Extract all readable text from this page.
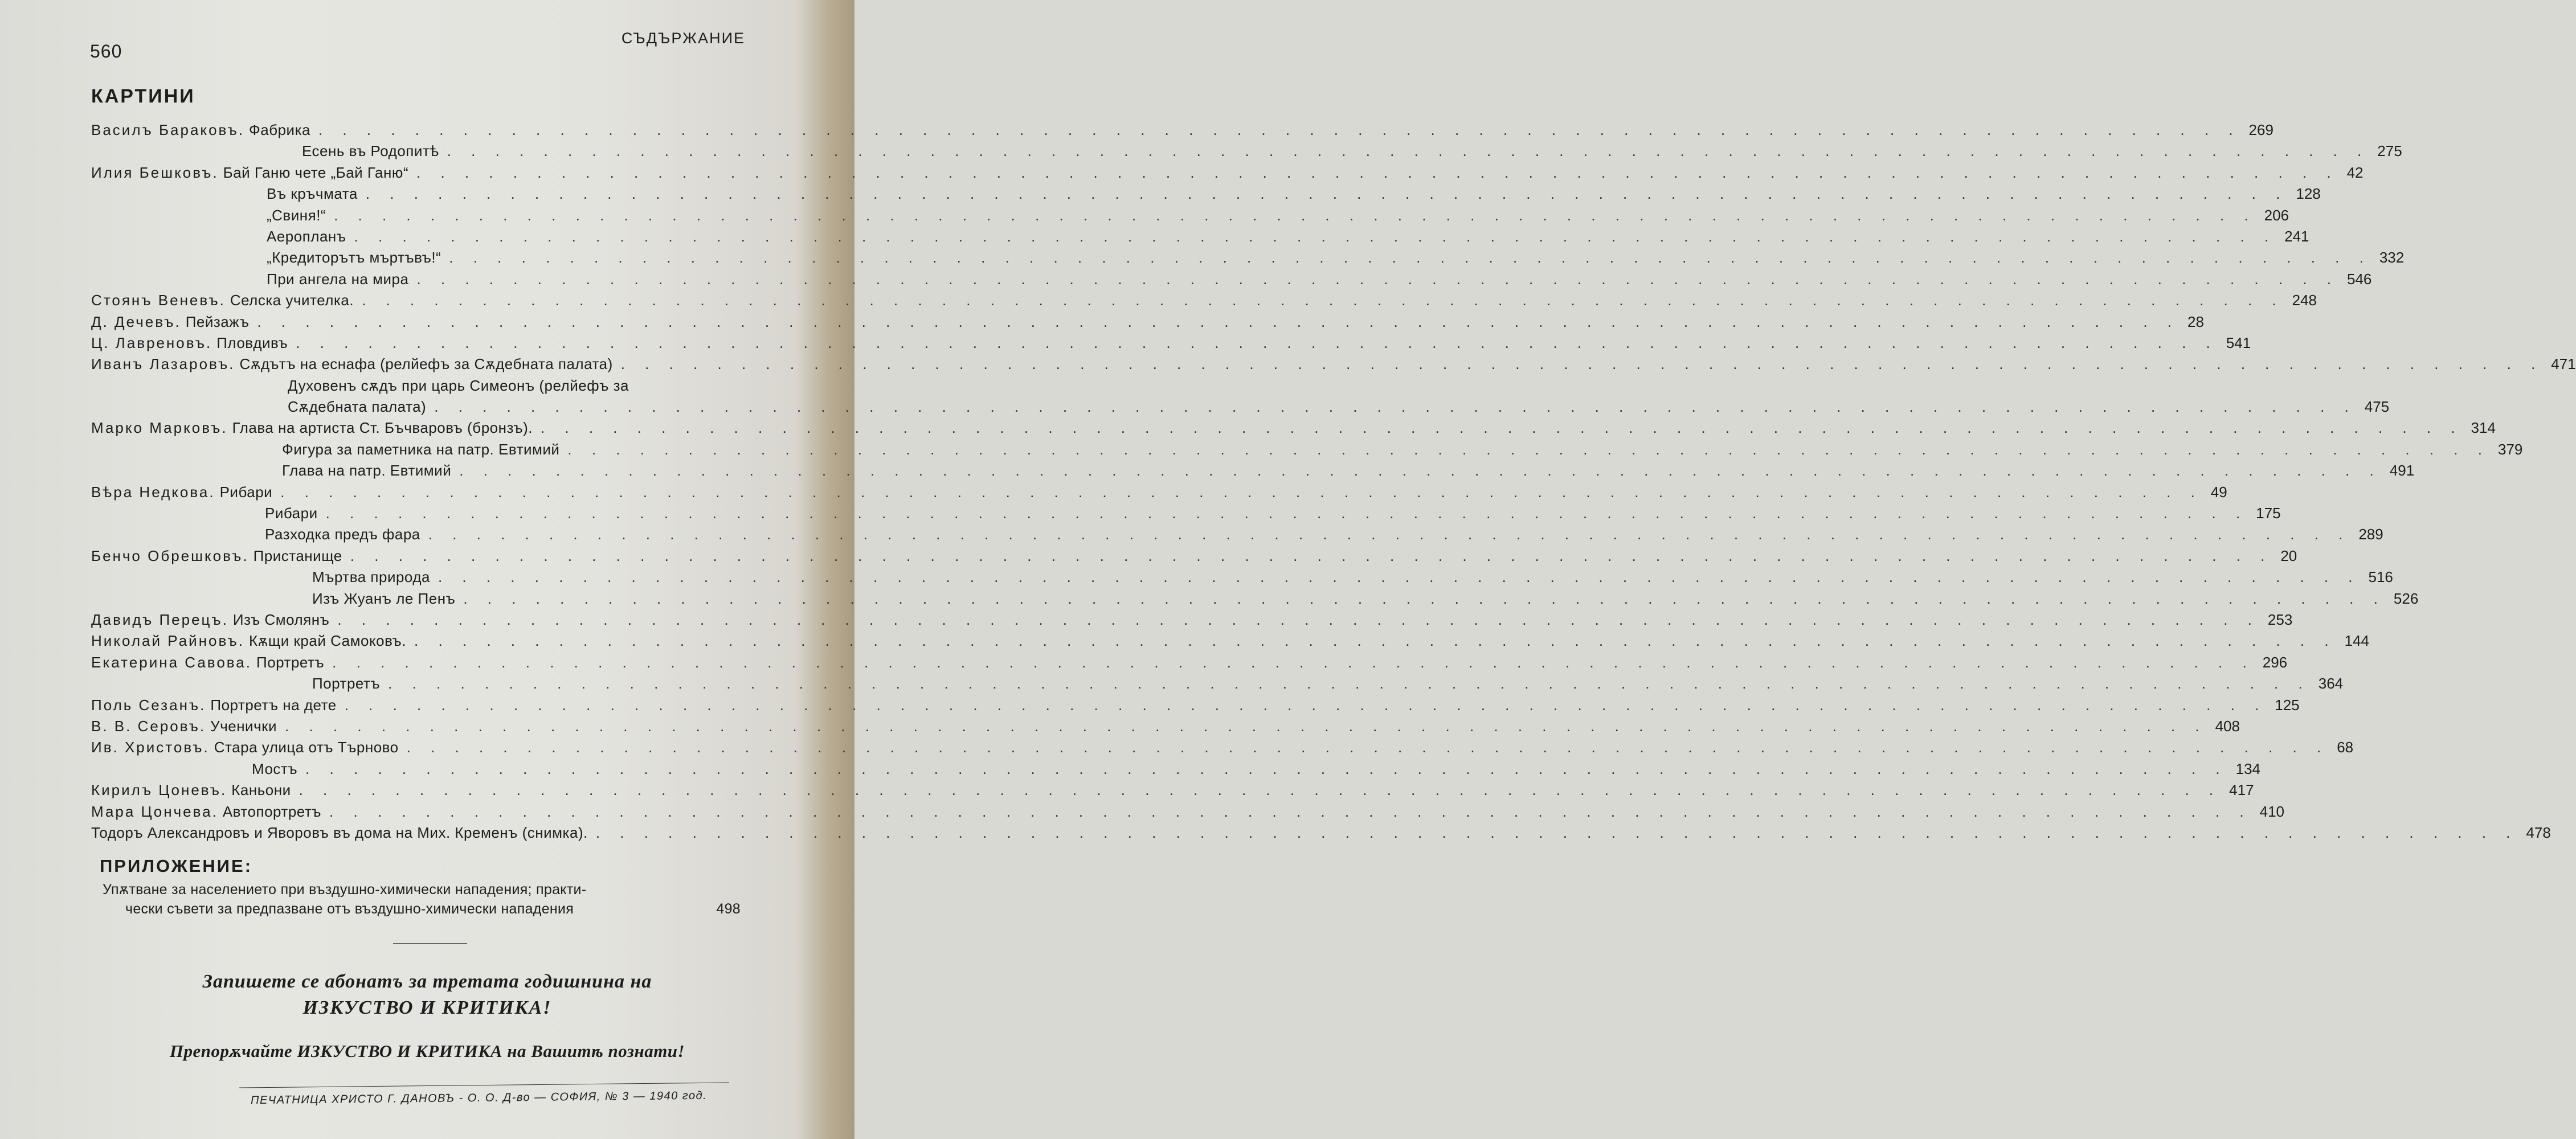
560
СЪДЪРЖАНИЕ
КАРТИНИ
Василъ Бараковъ. Фабрика . . . . . . . . . . . . . . . . . . . . . . . . . . . . . . . . . . . . . . . . . . . . . . . . . . . . . . . . . . . . . . . . . . . . . . . . . . . . . . . . 269
Есень въ Родопитѣ . . . . . . . . . . . . . . . . . . . . . . . . . . . . . . . . . . . . . . . . . . . . . . . . . . . . . . . . . . . . . . . . . . . . . . . . . . . . . . . . 275
Илия Бешковъ. Бай Ганю чете „Бай Ганю“ . . . . . . . . . . . . . . . . . . . . . . . . . . . . . . . . . . . . . . . . . . . . . . . . . . . . . . . . . . . . . . . . . . . . . . . . . . . . . . . . 42
Въ кръчмата . . . . . . . . . . . . . . . . . . . . . . . . . . . . . . . . . . . . . . . . . . . . . . . . . . . . . . . . . . . . . . . . . . . . . . . . . . . . . . . . 128
„Свиня!“ . . . . . . . . . . . . . . . . . . . . . . . . . . . . . . . . . . . . . . . . . . . . . . . . . . . . . . . . . . . . . . . . . . . . . . . . . . . . . . . . 206
Аеропланъ . . . . . . . . . . . . . . . . . . . . . . . . . . . . . . . . . . . . . . . . . . . . . . . . . . . . . . . . . . . . . . . . . . . . . . . . . . . . . . . . 241
„Кредиторътъ мъртъвъ!“ . . . . . . . . . . . . . . . . . . . . . . . . . . . . . . . . . . . . . . . . . . . . . . . . . . . . . . . . . . . . . . . . . . . . . . . . . . . . . . . . 332
При ангела на мира . . . . . . . . . . . . . . . . . . . . . . . . . . . . . . . . . . . . . . . . . . . . . . . . . . . . . . . . . . . . . . . . . . . . . . . . . . . . . . . . 546
Стоянъ Веневъ. Селска учителка. . . . . . . . . . . . . . . . . . . . . . . . . . . . . . . . . . . . . . . . . . . . . . . . . . . . . . . . . . . . . . . . . . . . . . . . . . . . . . . . . 248
Д. Дечевъ. Пейзажъ . . . . . . . . . . . . . . . . . . . . . . . . . . . . . . . . . . . . . . . . . . . . . . . . . . . . . . . . . . . . . . . . . . . . . . . . . . . . . . . . 28
Ц. Лавреновъ. Пловдивъ . . . . . . . . . . . . . . . . . . . . . . . . . . . . . . . . . . . . . . . . . . . . . . . . . . . . . . . . . . . . . . . . . . . . . . . . . . . . . . . . 541
Иванъ Лазаровъ. Сѫдътъ на еснафа (релйефъ за Сѫдебната палата) . . . . . . . . . . . . . . . . . . . . . . . . . . . . . . . . . . . . . . . . . . . . . . . . . . . . . . . . . . . . . . . . . . . . . . . . . . . . . . . . 471
Духовенъ сѫдъ при царь Симеонъ (релйефъ за
Сѫдебната палата) . . . . . . . . . . . . . . . . . . . . . . . . . . . . . . . . . . . . . . . . . . . . . . . . . . . . . . . . . . . . . . . . . . . . . . . . . . . . . . . . 475
Марко Марковъ. Глава на артиста Ст. Бъчваровъ (бронзъ). . . . . . . . . . . . . . . . . . . . . . . . . . . . . . . . . . . . . . . . . . . . . . . . . . . . . . . . . . . . . . . . . . . . . . . . . . . . . . . . . 314
Фигура за паметника на патр. Евтимий . . . . . . . . . . . . . . . . . . . . . . . . . . . . . . . . . . . . . . . . . . . . . . . . . . . . . . . . . . . . . . . . . . . . . . . . . . . . . . . . 379
Глава на патр. Евтимий . . . . . . . . . . . . . . . . . . . . . . . . . . . . . . . . . . . . . . . . . . . . . . . . . . . . . . . . . . . . . . . . . . . . . . . . . . . . . . . . 491
Вѣра Недкова. Рибари . . . . . . . . . . . . . . . . . . . . . . . . . . . . . . . . . . . . . . . . . . . . . . . . . . . . . . . . . . . . . . . . . . . . . . . . . . . . . . . . 49
Рибари . . . . . . . . . . . . . . . . . . . . . . . . . . . . . . . . . . . . . . . . . . . . . . . . . . . . . . . . . . . . . . . . . . . . . . . . . . . . . . . . 175
Разходка предъ фара . . . . . . . . . . . . . . . . . . . . . . . . . . . . . . . . . . . . . . . . . . . . . . . . . . . . . . . . . . . . . . . . . . . . . . . . . . . . . . . . 289
Бенчо Обрешковъ. Пристанище . . . . . . . . . . . . . . . . . . . . . . . . . . . . . . . . . . . . . . . . . . . . . . . . . . . . . . . . . . . . . . . . . . . . . . . . . . . . . . . . 20
Мъртва природа . . . . . . . . . . . . . . . . . . . . . . . . . . . . . . . . . . . . . . . . . . . . . . . . . . . . . . . . . . . . . . . . . . . . . . . . . . . . . . . . 516
Изъ Жуанъ ле Пенъ . . . . . . . . . . . . . . . . . . . . . . . . . . . . . . . . . . . . . . . . . . . . . . . . . . . . . . . . . . . . . . . . . . . . . . . . . . . . . . . . 526
Давидъ Перецъ. Изъ Смолянъ . . . . . . . . . . . . . . . . . . . . . . . . . . . . . . . . . . . . . . . . . . . . . . . . . . . . . . . . . . . . . . . . . . . . . . . . . . . . . . . . 253
Николай Райновъ. Кѫщи край Самоковъ. . . . . . . . . . . . . . . . . . . . . . . . . . . . . . . . . . . . . . . . . . . . . . . . . . . . . . . . . . . . . . . . . . . . . . . . . . . . . . . . . 144
Екатерина Савова. Портретъ . . . . . . . . . . . . . . . . . . . . . . . . . . . . . . . . . . . . . . . . . . . . . . . . . . . . . . . . . . . . . . . . . . . . . . . . . . . . . . . . 296
Портретъ . . . . . . . . . . . . . . . . . . . . . . . . . . . . . . . . . . . . . . . . . . . . . . . . . . . . . . . . . . . . . . . . . . . . . . . . . . . . . . . . 364
Поль Сезанъ. Портретъ на дете . . . . . . . . . . . . . . . . . . . . . . . . . . . . . . . . . . . . . . . . . . . . . . . . . . . . . . . . . . . . . . . . . . . . . . . . . . . . . . . . 125
В. В. Серовъ. Ученички . . . . . . . . . . . . . . . . . . . . . . . . . . . . . . . . . . . . . . . . . . . . . . . . . . . . . . . . . . . . . . . . . . . . . . . . . . . . . . . . 408
Ив. Христовъ. Стара улица отъ Търново . . . . . . . . . . . . . . . . . . . . . . . . . . . . . . . . . . . . . . . . . . . . . . . . . . . . . . . . . . . . . . . . . . . . . . . . . . . . . . . . 68
Мостъ . . . . . . . . . . . . . . . . . . . . . . . . . . . . . . . . . . . . . . . . . . . . . . . . . . . . . . . . . . . . . . . . . . . . . . . . . . . . . . . . 134
Кирилъ Цоневъ. Каньони . . . . . . . . . . . . . . . . . . . . . . . . . . . . . . . . . . . . . . . . . . . . . . . . . . . . . . . . . . . . . . . . . . . . . . . . . . . . . . . . 417
Мара Цончева. Автопортретъ . . . . . . . . . . . . . . . . . . . . . . . . . . . . . . . . . . . . . . . . . . . . . . . . . . . . . . . . . . . . . . . . . . . . . . . . . . . . . . . . 410
Тодоръ Александровъ и Яворовъ въ дома на Мих. Кременъ (снимка). . . . . . . . . . . . . . . . . . . . . . . . . . . . . . . . . . . . . . . . . . . . . . . . . . . . . . . . . . . . . . . . . . . . . . . . . . . . . . . . . 478
ПРИЛОЖЕНИЕ:
Упѫтване за населението при въздушно-химически нападения; практи-
чески съвети за предпазване отъ въздушно-химически нападения	498
Запишете се абонатъ за третата годишнина на
ИЗКУСТВО И КРИТИКА!
Препорѫчайте ИЗКУСТВО И КРИТИКА на Вашитѣ познати!
ПЕЧАТНИЦА ХРИСТО Г. ДАНОВЪ - О. О. Д-во — СОФИЯ, № 3 — 1940 год.
